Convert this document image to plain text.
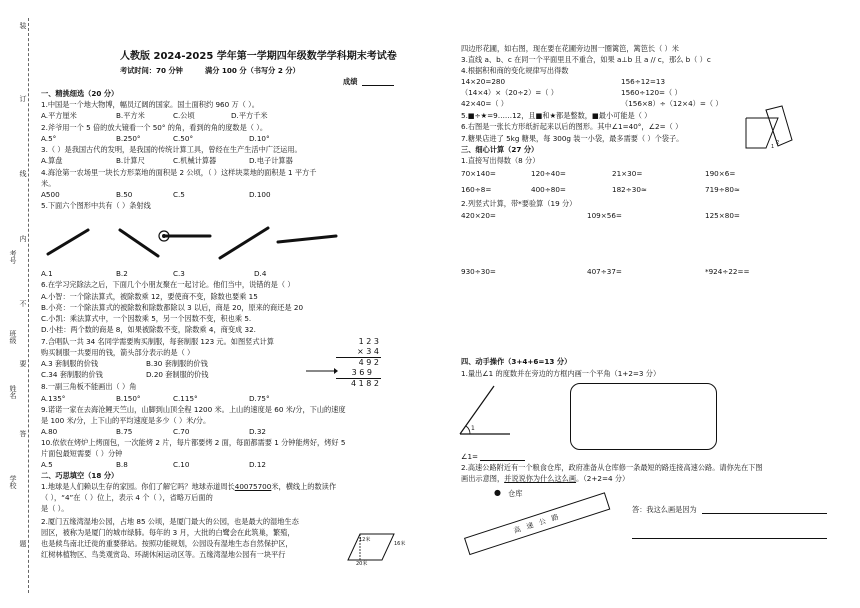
考号
班级
姓名
学校
装
订
线
内
不
要
答
题
人教版 2024-2025 学年第一学期四年级数学学科期末考试卷
考试时间：70 分钟	满分 100 分（书写分 2 分）
成绩
一、精挑细选（20 分）
1.中国是一个地大物博，幅员辽阔的国家。国土面积约 960 万（ ）。
A.平方厘米	B.平方米	C.公顷	D.平方千米
2.斧爷用一个 5 倍的放大镜看一个 50° 的角，看到的角的度数是（ ）。
A.5°	B.250°	C.50°	D.10°
3.（ ）是我国古代的发明，是我国的传统计算工具，曾经在生产生活中广泛运用。
A.算盘	B.计算尺	C.机械计算器	D.电子计算器
4.海沧第一农场里一块长方形菜地的面积是 2 公顷，（ ）这样块菜地的面积是 1 平方千
米。
A500	B.50	C.5	D.100
5.下面六个图形中共有（ ）条射线
A.1	B.2	C.3	D.4
6.在学习完除法之后，下面几个小朋友聚在一起讨论。他们当中，说错的是（ ）
A.小智：一个除法算式，被除数乘 12，要使商不变，除数也要乘 15
B.小亮：一个除法算式的被除数和除数都除以 3 以后，商是 20，原来的商还是 20
C.小凯：乘法算式中，一个因数乘 5，另一个因数不变，积也乘 5.
D.小桂：两个数的商是 8，如果被除数不变，除数乘 4，商变成 32.
7.合唱队一共 34 名同学需要购买制服，每套制服 123 元。如图竖式计算
购买制服一共要用的钱，箭头部分表示的是（ ）
A.3 套制服的价钱	B.30 套制服的价钱
C.34 套制服的价钱	D.20 套制服的价钱
1 2 3
× 3 4
4 9 2
3 6 9
4 1 8 2
8.一副三角板不能画出（ ）角
A.135°	B.150°	C.115°	D.75°
9.诺诺一家在去海沧鲤天竺山，山脚到山顶全程 1200 米。上山的速度是 60 米/分，下山的速度
是 100 米/分，上下山的平均速度是多少（ ）米/分。
A.80	B.75	C.70	D.32
10.依依在烤炉上烤面包，一次能烤 2 片，每片都要烤 2 面，每面都需要 1 分钟能烤好，烤好 5
片面包最短需要（ ）分钟
A.5	B.8	C.10	D.12
二、巧思填空（18 分）
1.地球是人们赖以生存的家园。你们了解它吗？地球赤道周长40075700米，横线上的数读作
（ ），“4”在（ ）位上，表示 4 个（ ），省略万后面的
是（ ）。
2.厦门五缘湾湿地公园，占地 85 公顷，是厦门最大的公园，也是最大的湿地生态
园区，被称为是厦门的城市绿肺。每年的 3 月，大批的白鹭会在此筑巢，繁殖，
也是候鸟南北迁徙的重要驿站。按照功能规划，公园设有湿地生态自然保护区，
红树林植物区、鸟类观赏岛、环湖休闲运动区等。五缘湾湿地公园有一块平行
12米
16米
20米
四边形花圃，如右图，现在要在花圃旁边围一圈篱笆，篱笆长（ ）米
3.直线 a、b、c 在同一个平面里且不重合，如果 a⊥b 且 a // c，那么 b（ ）c
4.根据积和商的变化规律写出得数
14×20=280	156÷12=13
（14×4）×（20÷2）=（ ）	1560÷120=（ ）
42×40=（ ）	（156×8）÷（12×4）=（ ）
5.■÷★=9……12，且■和★都是整数，■最小可能是（ ）
6.右图是一张长方形纸折起来以后的图形。其中∠1=40°，∠2=（ ）
1
2
7.糖果店进了 5kg 糖果，每 300g 装一小袋，最多需要（ ）个袋子。
三、细心计算（27 分）
1.直接写出得数（8 分）
70×140=	120÷40=	21×30=	190×6=
160÷8=	400÷80=	182÷30≈	719÷80≈
2.列竖式计算，带*要验算（19 分）
420×20=	109×56=	125×80=
930÷30=	407÷37=	*924÷22==
四、动手操作（3+4+6=13 分）
1.量出∠1 的度数并在旁边的方框内画一个平角（1+2=3 分）
1
∠1=
2.高速公路附近有一个粮食仓库，政府准备从仓库修一条最短的路连接高速公路。请你先在下图
画出示意图，并说说你为什么这么画。（2+2=4 分）
● 仓库
高 速 公 路
答：我这么画是因为
